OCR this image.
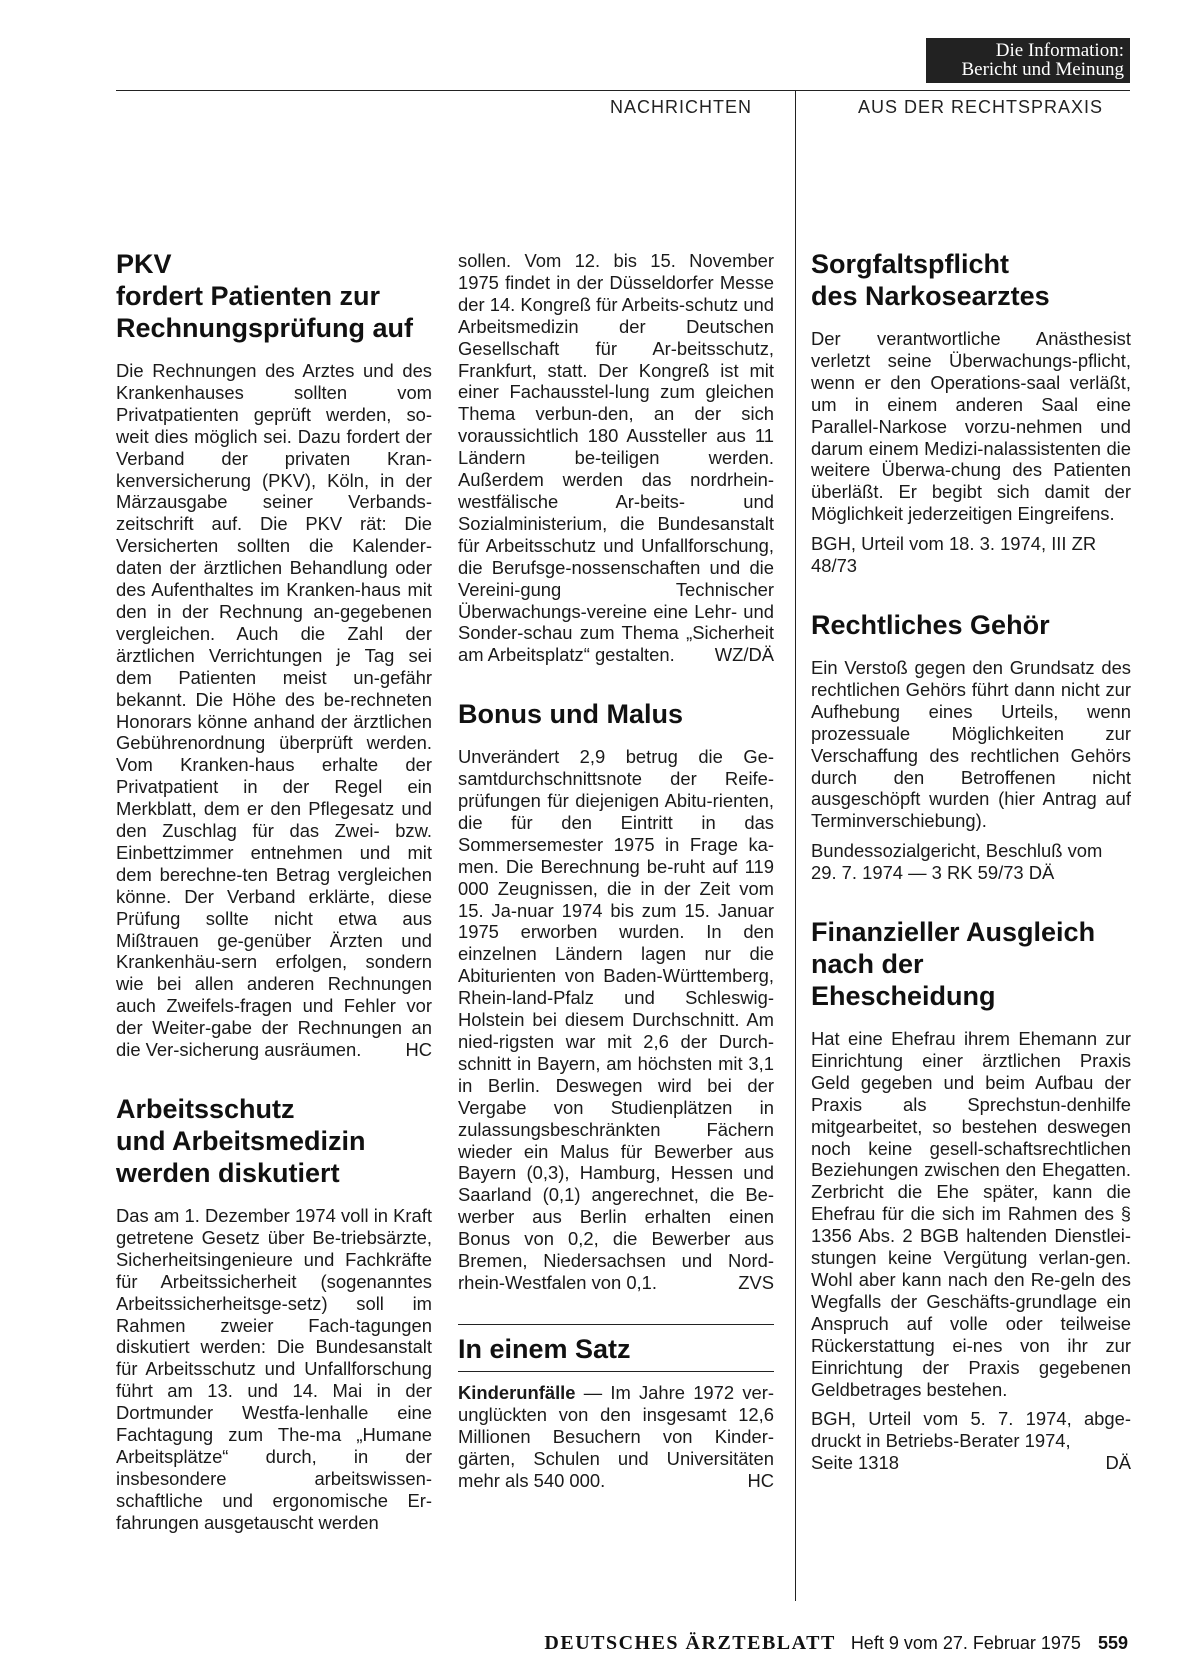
Die Information:
Bericht und Meinung
NACHRICHTEN	AUS DER RECHTSPRAXIS
PKV
fordert Patienten zur
Rechnungsprüfung auf

Die Rechnungen des Arztes und des Krankenhauses sollten vom Privatpatienten geprüft werden, so-weit dies möglich sei. Dazu fordert der Verband der privaten Kran-kenversicherung (PKV), Köln, in der Märzausgabe seiner Verbands-zeitschrift auf. Die PKV rät: Die Versicherten sollten die Kalender-daten der ärztlichen Behandlung oder des Aufenthaltes im Kranken-haus mit den in der Rechnung an-gegebenen vergleichen. Auch die Zahl der ärztlichen Verrichtungen je Tag sei dem Patienten meist un-gefähr bekannt. Die Höhe des be-rechneten Honorars könne anhand der ärztlichen Gebührenordnung überprüft werden. Vom Kranken-haus erhalte der Privatpatient in der Regel ein Merkblatt, dem er den Pflegesatz und den Zuschlag für das Zwei- bzw. Einbettzimmer entnehmen und mit dem berechne-ten Betrag vergleichen könne. Der Verband erklärte, diese Prüfung sollte nicht etwa aus Mißtrauen ge-genüber Ärzten und Krankenhäu-sern erfolgen, sondern wie bei allen anderen Rechnungen auch Zweifels-fragen und Fehler vor der Weiter-gabe der Rechnungen an die Ver-sicherung ausräumen. HC

Arbeitsschutz
und Arbeitsmedizin
werden diskutiert

Das am 1. Dezember 1974 voll in Kraft getretene Gesetz über Be-triebsärzte, Sicherheitsingenieure und Fachkräfte für Arbeitssicherheit (sogenanntes Arbeitssicherheitsge-setz) soll im Rahmen zweier Fach-tagungen diskutiert werden: Die Bundesanstalt für Arbeitsschutz und Unfallforschung führt am 13. und 14. Mai in der Dortmunder Westfa-lenhalle eine Fachtagung zum The-ma „Humane Arbeitsplätze“ durch, in der insbesondere arbeitswissen-schaftliche und ergonomische Er-fahrungen ausgetauscht werden

sollen. Vom 12. bis 15. November 1975 findet in der Düsseldorfer Messe der 14. Kongreß für Arbeits-schutz und Arbeitsmedizin der Deutschen Gesellschaft für Ar-beitsschutz, Frankfurt, statt. Der Kongreß ist mit einer Fachausstel-lung zum gleichen Thema verbun-den, an der sich voraussichtlich 180 Aussteller aus 11 Ländern be-teiligen werden. Außerdem werden das nordrhein-westfälische Ar-beits- und Sozialministerium, die Bundesanstalt für Arbeitsschutz und Unfallforschung, die Berufsge-nossenschaften und die Vereini-gung Technischer Überwachungs-vereine eine Lehr- und Sonder-schau zum Thema „Sicherheit am Arbeitsplatz“ gestalten. WZ/DÄ

Bonus und Malus

Unverändert 2,9 betrug die Ge-samtdurchschnittsnote der Reife-prüfungen für diejenigen Abitu-rienten, die für den Eintritt in das Sommersemester 1975 in Frage ka-men. Die Berechnung be-ruht auf 119 000 Zeugnissen, die in der Zeit vom 15. Ja-nuar 1974 bis zum 15. Januar 1975 erworben wurden. In den einzelnen Ländern lagen nur die Abiturienten von Baden-Württemberg, Rhein-land-Pfalz und Schleswig-Holstein bei diesem Durchschnitt. Am nied-rigsten war mit 2,6 der Durch-schnitt in Bayern, am höchsten mit 3,1 in Berlin. Deswegen wird bei der Vergabe von Studienplätzen in zulassungsbeschränkten Fächern wieder ein Malus für Bewerber aus Bayern (0,3), Hamburg, Hessen und Saarland (0,1) angerechnet, die Be-werber aus Berlin erhalten einen Bonus von 0,2, die Bewerber aus Bremen, Niedersachsen und Nord-rhein-Westfalen von 0,1.	ZVS

In einem Satz

Kinderunfälle — Im Jahre 1972 ver-unglückten von den insgesamt 12,6 Millionen Besuchern von Kinder-gärten, Schulen und Universitäten mehr als 540 000.	HC

Sorgfaltspflicht
des Narkosearztes

Der verantwortliche Anästhesist verletzt seine Überwachungs-pflicht, wenn er den Operations-saal verläßt, um in einem anderen Saal eine Parallel-Narkose vorzu-nehmen und darum einem Medizi-nalassistenten die weitere Überwa-chung des Patienten überläßt. Er begibt sich damit der Möglichkeit jederzeitigen Eingreifens.

BGH, Urteil vom 18. 3. 1974, III ZR 48/73

Rechtliches Gehör

Ein Verstoß gegen den Grundsatz des rechtlichen Gehörs führt dann nicht zur Aufhebung eines Urteils, wenn prozessuale Möglichkeiten zur Verschaffung des rechtlichen Gehörs durch den Betroffenen nicht ausgeschöpft wurden (hier Antrag auf Terminverschiebung).

Bundessozialgericht, Beschluß vom 29. 7. 1974 — 3 RK 59/73 DÄ

Finanzieller Ausgleich
nach der
Ehescheidung

Hat eine Ehefrau ihrem Ehemann zur Einrichtung einer ärztlichen Praxis Geld gegeben und beim Aufbau der Praxis als Sprechstun-denhilfe mitgearbeitet, so bestehen deswegen noch keine gesell-schaftsrechtlichen Beziehungen zwischen den Ehegatten. Zerbricht die Ehe später, kann die Ehefrau für die sich im Rahmen des § 1356 Abs. 2 BGB haltenden Dienstlei-stungen keine Vergütung verlan-gen. Wohl aber kann nach den Re-geln des Wegfalls der Geschäfts-grundlage ein Anspruch auf volle oder teilweise Rückerstattung ei-nes von ihr zur Einrichtung der Praxis gegebenen Geldbetrages bestehen.

BGH, Urteil vom 5. 7. 1974, abge-druckt in Betriebs-Berater 1974,
Seite 1318	DÄ
DEUTSCHES ÄRZTEBLATT Heft 9 vom 27. Februar 1975 559
